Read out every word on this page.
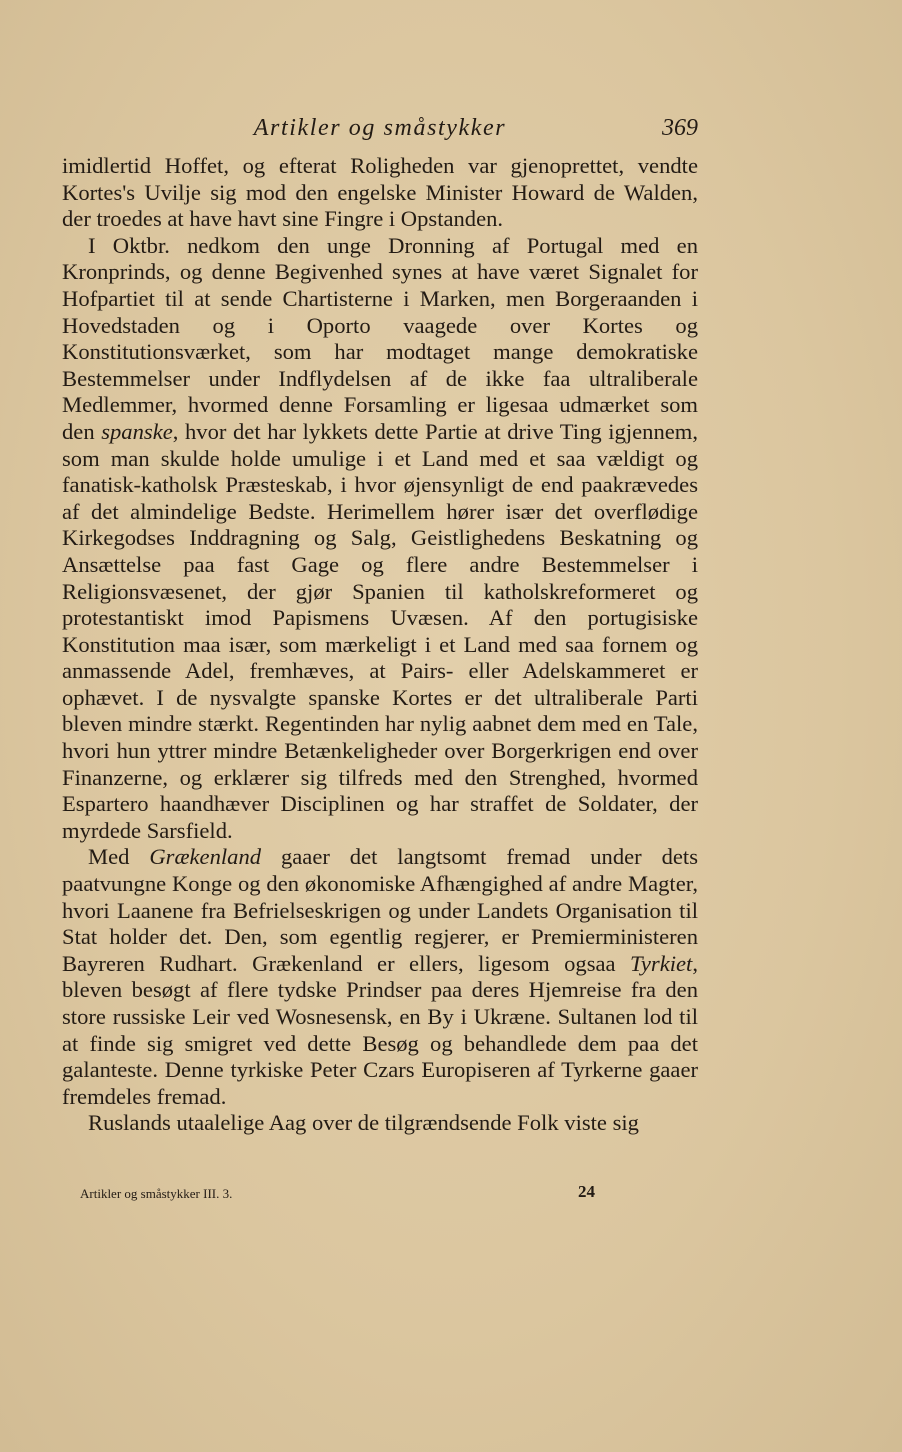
Artikler og småstykker	369

imidlertid Hoffet, og efterat Roligheden var gjenoprettet, vendte Kortes's Uvilje sig mod den engelske Minister Howard de Walden, der troedes at have havt sine Fingre i Opstanden.

I Oktbr. nedkom den unge Dronning af Portugal med en Kronprinds, og denne Begivenhed synes at have været Signalet for Hofpartiet til at sende Chartisterne i Marken, men Borgeraanden i Hovedstaden og i Oporto vaagede over Kortes og Konstitutionsværket, som har modtaget mange demokratiske Bestemmelser under Indflydelsen af de ikke faa ultraliberale Medlemmer, hvormed denne Forsamling er ligesaa udmærket som den spanske, hvor det har lykkets dette Partie at drive Ting igjennem, som man skulde holde umulige i et Land med et saa vældigt og fanatisk-katholsk Præsteskab, i hvor øjensynligt de end paakrævedes af det almindelige Bedste. Herimellem hører især det overflødige Kirkegodses Inddragning og Salg, Geistlighedens Beskatning og Ansættelse paa fast Gage og flere andre Bestemmelser i Religionsvæsenet, der gjør Spanien til katholskreformeret og protestantiskt imod Papismens Uvæsen. Af den portugisiske Konstitution maa især, som mærkeligt i et Land med saa fornem og anmassende Adel, fremhæves, at Pairs- eller Adelskammeret er ophævet. I de nysvalgte spanske Kortes er det ultraliberale Parti bleven mindre stærkt. Regentinden har nylig aabnet dem med en Tale, hvori hun yttrer mindre Betænkeligheder over Borgerkrigen end over Finanzerne, og erklærer sig tilfreds med den Strenghed, hvormed Espartero haandhæver Disciplinen og har straffet de Soldater, der myrdede Sarsfield.

Med Grækenland gaaer det langtsomt fremad under dets paatvungne Konge og den økonomiske Afhængighed af andre Magter, hvori Laanene fra Befrielseskrigen og under Landets Organisation til Stat holder det. Den, som egentlig regjerer, er Premierministeren Bayreren Rudhart. Grækenland er ellers, ligesom ogsaa Tyrkiet, bleven besøgt af flere tydske Prindser paa deres Hjemreise fra den store russiske Leir ved Wosnesensk, en By i Ukræne. Sultanen lod til at finde sig smigret ved dette Besøg og behandlede dem paa det galanteste. Denne tyrkiske Peter Czars Europiseren af Tyrkerne gaaer fremdeles fremad.

Ruslands utaalelige Aag over de tilgrændsende Folk viste sig

Artikler og småstykker III. 3.	24
